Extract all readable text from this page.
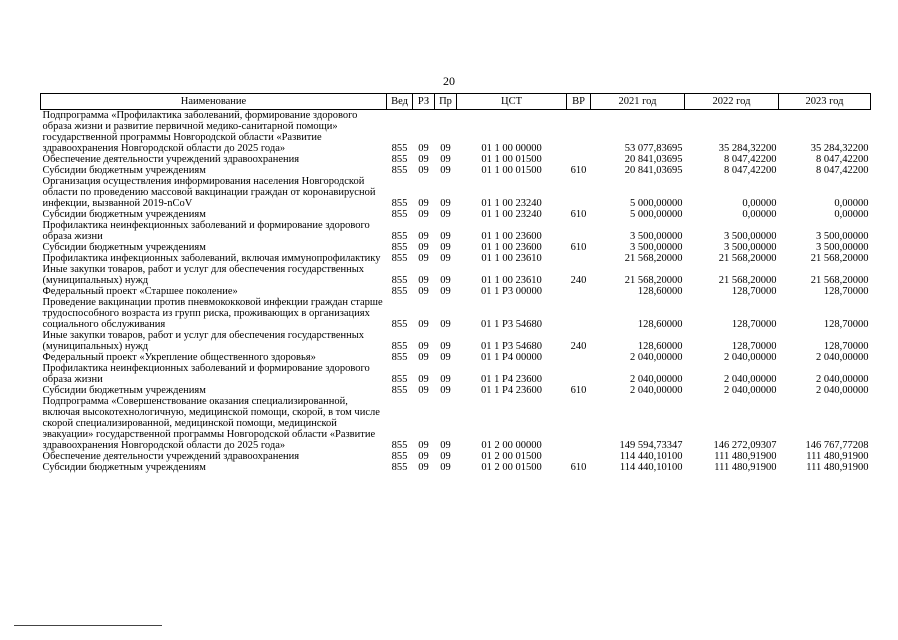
20
Наименование	Вед	РЗ	Пр	ЦСТ	ВР	2021 год	2022 год	2023 год
Подпрограмма «Профилактика заболеваний, формирование здорового образа жизни и развитие первичной медико-санитарной помощи» государственной программы Новгородской области «Развитие здравоохранения Новгородской области до 2025 года»	855	09	09	01 1 00 00000		53 077,83695	35 284,32200	35 284,32200
Обеспечение деятельности учреждений здравоохранения	855	09	09	01 1 00 01500		20 841,03695	8 047,42200	8 047,42200
Субсидии бюджетным учреждениям	855	09	09	01 1 00 01500	610	20 841,03695	8 047,42200	8 047,42200
Организация осуществления информирования населения Новгородской области по проведению массовой вакцинации граждан от коронавирусной инфекции, вызванной 2019-nCoV	855	09	09	01 1 00 23240		5 000,00000	0,00000	0,00000
Субсидии бюджетным учреждениям	855	09	09	01 1 00 23240	610	5 000,00000	0,00000	0,00000
Профилактика неинфекционных заболеваний и формирование здорового образа жизни	855	09	09	01 1 00 23600		3 500,00000	3 500,00000	3 500,00000
Субсидии бюджетным учреждениям	855	09	09	01 1 00 23600	610	3 500,00000	3 500,00000	3 500,00000
Профилактика инфекционных заболеваний, включая иммунопрофилактику	855	09	09	01 1 00 23610		21 568,20000	21 568,20000	21 568,20000
Иные закупки товаров, работ и услуг для обеспечения государственных (муниципальных) нужд	855	09	09	01 1 00 23610	240	21 568,20000	21 568,20000	21 568,20000
Федеральный проект «Старшее поколение»	855	09	09	01 1 P3 00000		128,60000	128,70000	128,70000
Проведение вакцинации против пневмококковой инфекции граждан старше трудоспособного возраста из групп риска, проживающих в организациях социального обслуживания	855	09	09	01 1 P3 54680		128,60000	128,70000	128,70000
Иные закупки товаров, работ и услуг для обеспечения государственных (муниципальных) нужд	855	09	09	01 1 P3 54680	240	128,60000	128,70000	128,70000
Федеральный проект «Укрепление общественного здоровья»	855	09	09	01 1 P4 00000		2 040,00000	2 040,00000	2 040,00000
Профилактика неинфекционных заболеваний и формирование здорового образа жизни	855	09	09	01 1 P4 23600		2 040,00000	2 040,00000	2 040,00000
Субсидии бюджетным учреждениям	855	09	09	01 1 P4 23600	610	2 040,00000	2 040,00000	2 040,00000
Подпрограмма «Совершенствование оказания специализированной, включая высокотехнологичную, медицинской помощи, скорой, в том числе скорой специализированной, медицинской помощи, медицинской эвакуации» государственной программы Новгородской области «Развитие здравоохранения Новгородской области до 2025 года»	855	09	09	01 2 00 00000		149 594,73347	146 272,09307	146 767,77208
Обеспечение деятельности учреждений здравоохранения	855	09	09	01 2 00 01500		114 440,10100	111 480,91900	111 480,91900
Субсидии бюджетным учреждениям	855	09	09	01 2 00 01500	610	114 440,10100	111 480,91900	111 480,91900
